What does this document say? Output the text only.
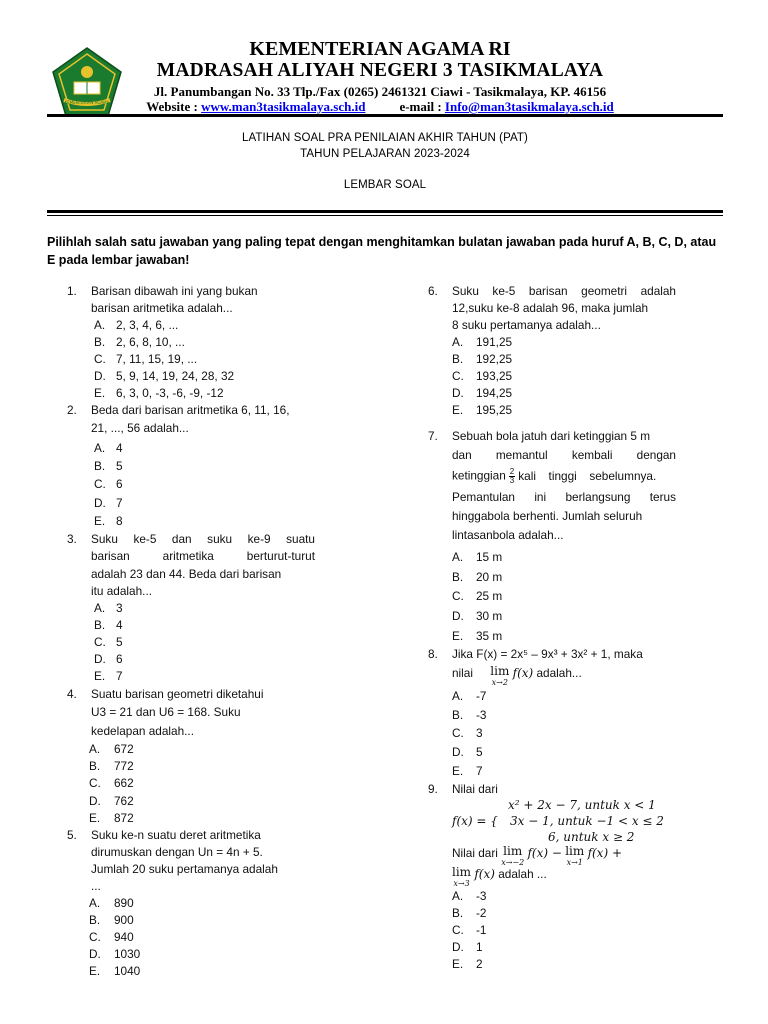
KEMENTERIAN AGAMA
KEMENTERIAN AGAMA RI
MADRASAH ALIYAH NEGERI 3 TASIKMALAYA
Jl. Panumbangan No. 33 Tlp./Fax (0265) 2461321 Ciawi - Tasikmalaya, KP. 46156
Website : www.man3tasikmalaya.sch.id	e-mail : Info@man3tasikmalaya.sch.id
LATIHAN SOAL PRA PENILAIAN AKHIR TAHUN (PAT)
TAHUN PELAJARAN 2023-2024
LEMBAR SOAL
Pilihlah salah satu jawaban yang paling tepat dengan menghitamkan bulatan jawaban pada huruf A, B, C, D, atau E pada lembar jawaban!
1. Barisan dibawah ini yang bukan
barisan aritmetika adalah...
A. 2, 3, 4, 6, ...
B. 2, 6, 8, 10, ...
C. 7, 11, 15, 19, ...
D. 5, 9, 14, 19, 24, 28, 32
E. 6, 3, 0, -3, -6, -9, -12
2. Beda dari barisan aritmetika 6, 11, 16,
21, ..., 56 adalah...
A. 4
B. 5
C. 6
D. 7
E. 8
3. Suku ke-5 dan suku ke-9 suatu
barisan aritmetika berturut-turut
adalah 23 dan 44. Beda dari barisan
itu adalah...
A. 3
B. 4
C. 5
D. 6
E. 7
4. Suatu barisan geometri diketahui
U3 = 21 dan U6 = 168. Suku
kedelapan adalah...
A. 672
B. 772
C. 662
D. 762
E. 872
5. Suku ke-n suatu deret aritmetika
dirumuskan dengan Un = 4n + 5.
Jumlah 20 suku pertamanya adalah
...
A. 890
B. 900
C. 940
D. 1030
E. 1040
6. Suku ke-5 barisan geometri adalah
12,suku ke-8 adalah 96, maka jumlah
8 suku pertamanya adalah...
A. 191,25
B. 192,25
C. 193,25
D. 194,25
E. 195,25
7. Sebuah bola jatuh dari ketinggian 5 m
dan memantul kembali dengan
ketinggian $\frac{2}{3}$ kali tinggi sebelumnya.
Pemantulan ini berlangsung terus
hinggabola berhenti. Jumlah seluruh
lintasanbola adalah...
A. 15 m
B. 20 m
C. 25 m
D. 30 m
E. 35 m
8. Jika F(x) = 2x⁵ – 9x³ + 3x² + 1, maka
nilai lim
x→2
f(x) adalah...
A. -7
B. -3
C. 3
D. 5
E. 7
9. Nilai dari
x² + 2x − 7, untuk x < 1
f(x) = { 3x − 1, untuk −1 < x ≤ 2
6, untuk x ≥ 2
Nilai dari lim
x→−2
f(x) − lim
x→1
f(x) +
lim
x→3
f(x) adalah ...
A. -3
B. -2
C. -1
D. 1
E. 2
